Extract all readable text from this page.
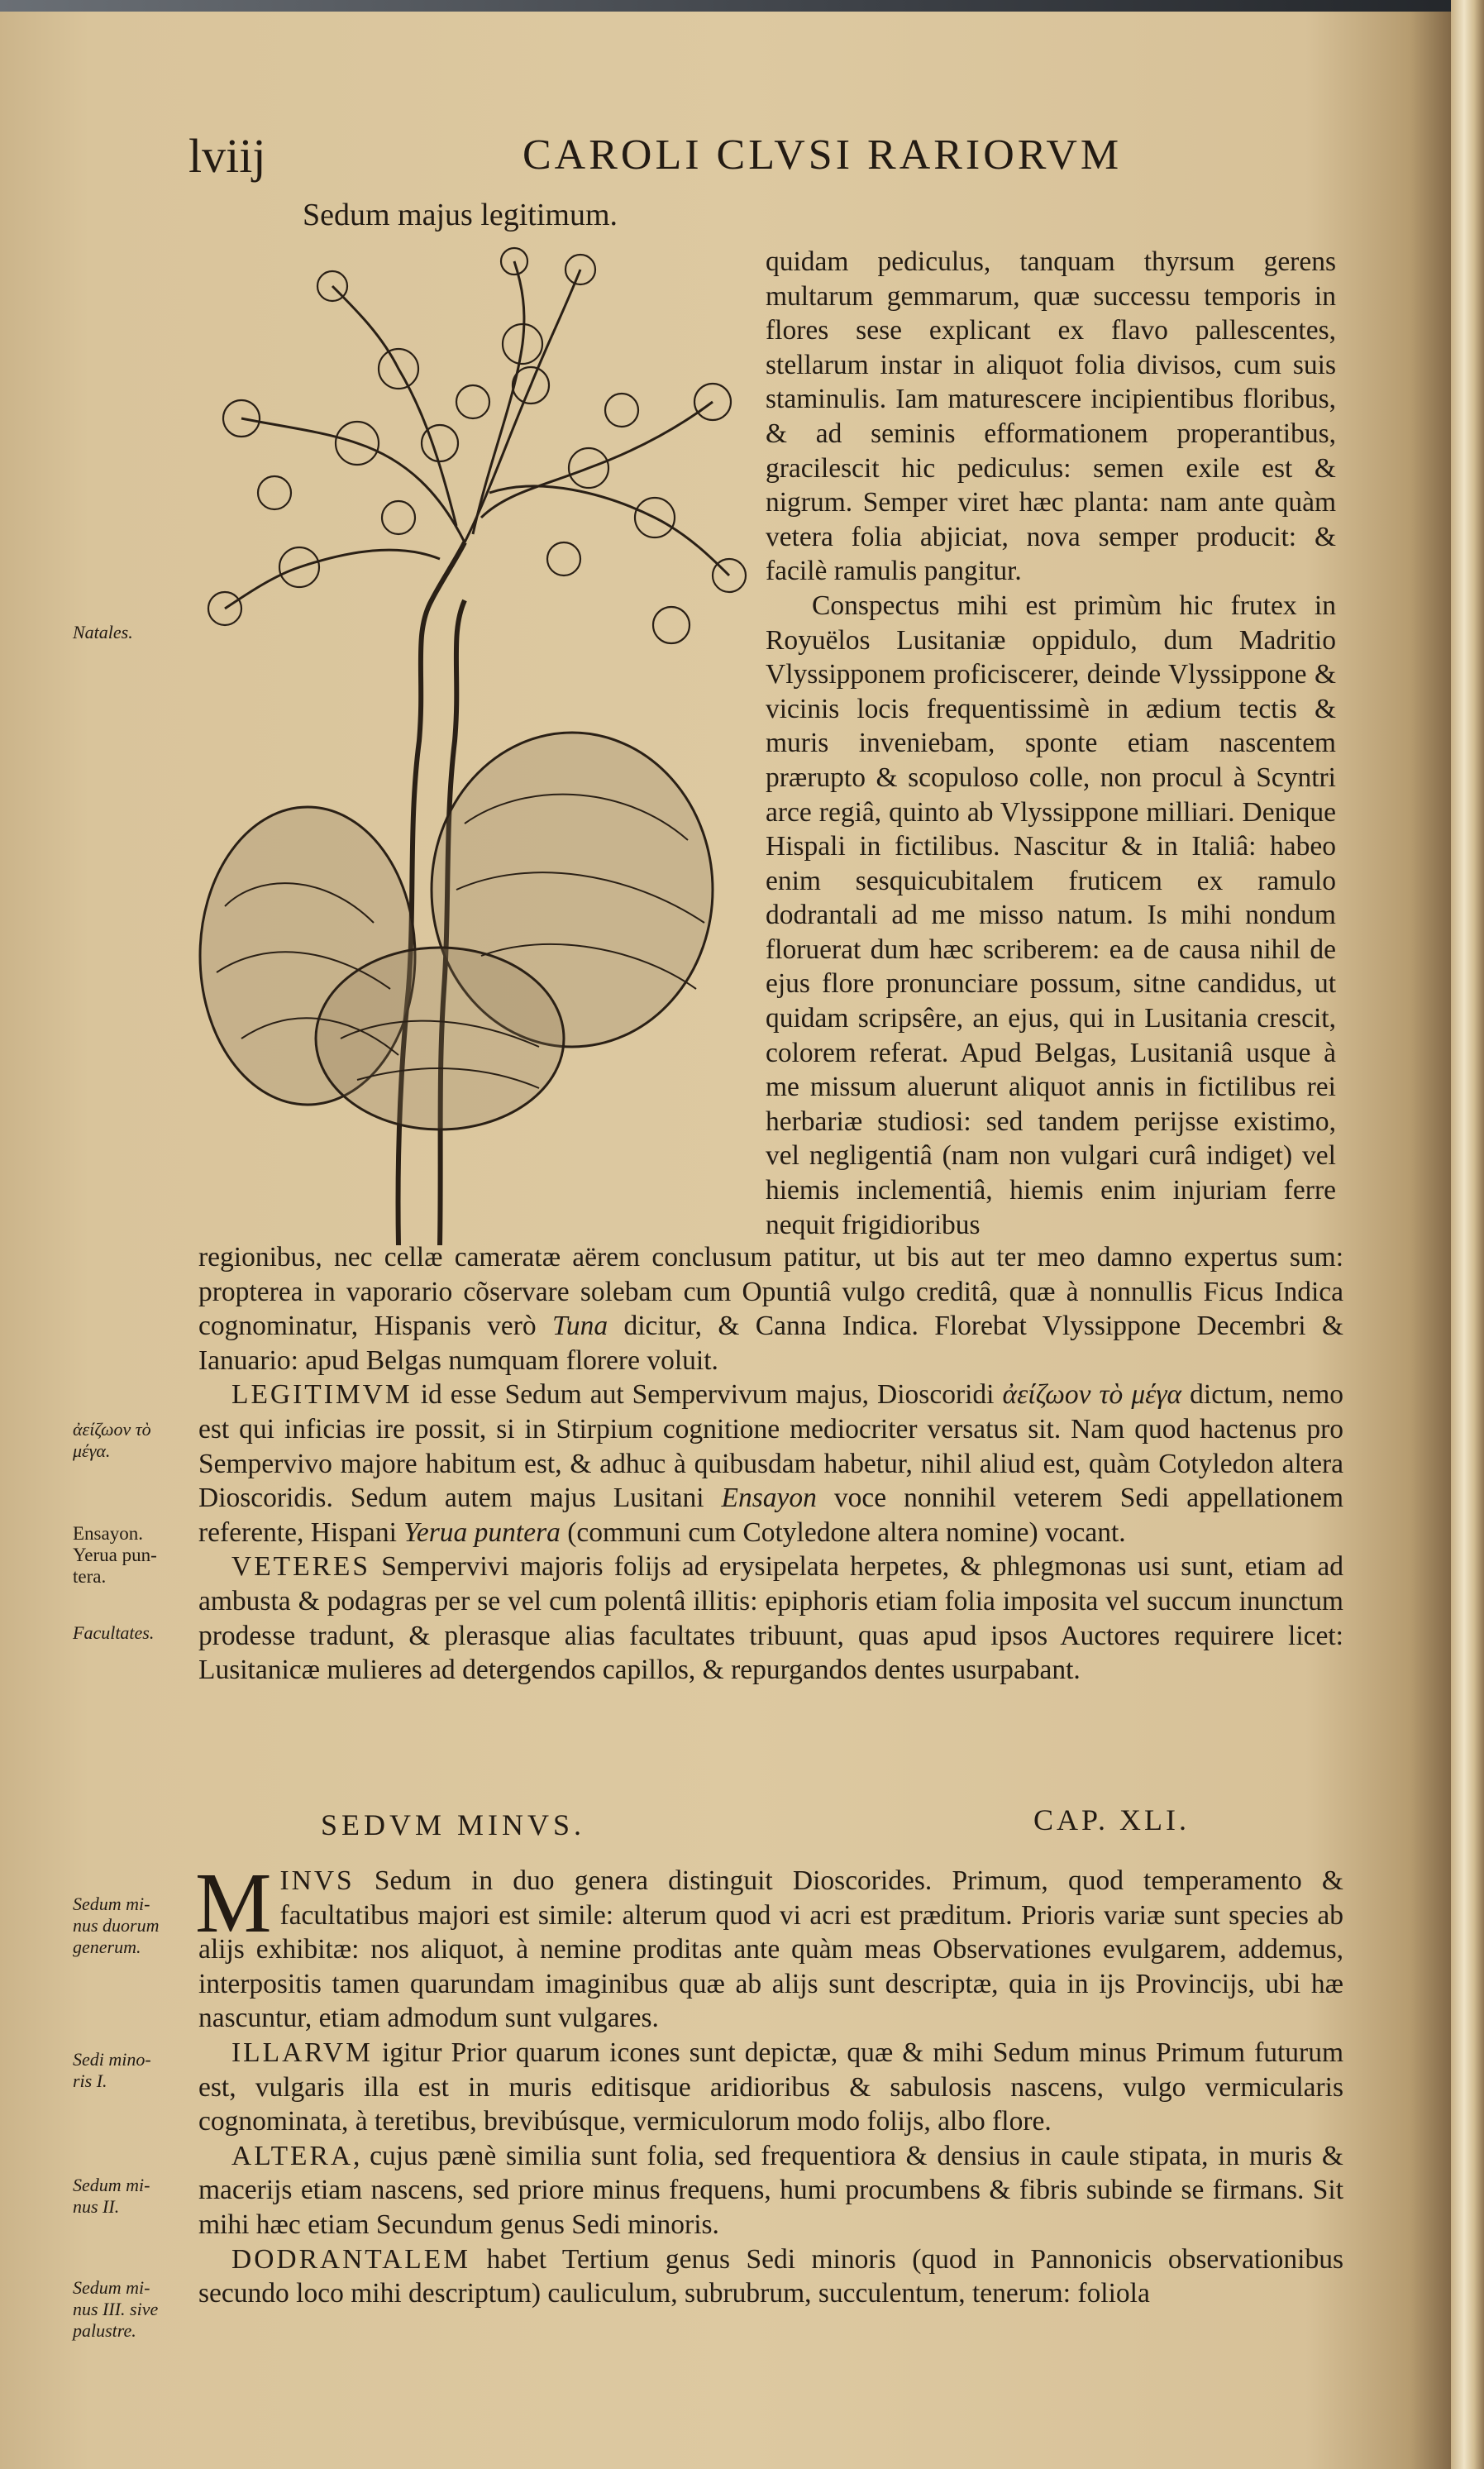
lviij	CAROLI CLVSI RARIORVM
Sedum majus legitimum.

quidam pediculus, tanquam thyrsum gerens multarum gemmarum, quæ successu temporis in flores sese explicant ex flavo pallescentes, stellarum instar in aliquot folia divisos, cum suis staminulis. Iam maturescere incipientibus floribus, & ad seminis efformationem properantibus, gracilescit hic pediculus: semen exile est & nigrum. Semper viret hæc planta: nam ante quàm vetera folia abjiciat, nova semper producit: & facilè ramulis pangitur.

Conspectus mihi est primùm hic frutex in Royuëlos Lusitaniæ oppidulo, dum Madritio Vlyssipponem proficiscerer, deinde Vlyssippone & vicinis locis frequentissimè in ædium tectis & muris inveniebam, sponte etiam nascentem prærupto & scopuloso colle, non procul à Scyntri arce regiâ, quinto ab Vlyssippone milliari. Denique Hispali in fictilibus. Nascitur & in Italiâ: habeo enim sesquicubitalem fruticem ex ramulo dodrantali ad me misso natum. Is mihi nondum floruerat dum hæc scriberem: ea de causa nihil de ejus flore pronunciare possum, sitne candidus, ut quidam scripsêre, an ejus, qui in Lusitania crescit, colorem referat. Apud Belgas, Lusitaniâ usque à me missum aluerunt aliquot annis in fictilibus rei herbariæ studiosi: sed tandem perijsse existimo, vel negligentiâ (nam non vulgari curâ indiget) vel hiemis inclementiâ, hiemis enim injuriam ferre nequit frigidioribus

Natales.

regionibus, nec cellæ cameratæ aërem conclusum patitur, ut bis aut ter meo damno expertus sum: propterea in vaporario cõservare solebam cum Opuntiâ vulgo creditâ, quæ à nonnullis Ficus Indica cognominatur, Hispanis verò Tuna dicitur, & Canna Indica. Florebat Vlyssippone Decembri & Ianuario: apud Belgas numquam florere voluit.

LEGITIMVM id esse Sedum aut Sempervivum majus, Dioscoridi ἀείζωον τὸ μέγα dictum, nemo est qui inficias ire possit, si in Stirpium cognitione mediocriter versatus sit. Nam quod hactenus pro Sempervivo majore habitum est, & adhuc à quibusdam habetur, nihil aliud est, quàm Cotyledon altera Dioscoridis. Sedum autem majus Lusitani Ensayon voce nonnihil veterem Sedi appellationem referente, Hispani Yerua puntera (communi cum Cotyledone altera nomine) vocant.

VETERES Sempervivi majoris folijs ad erysipelata herpetes, & phlegmonas usi sunt, etiam ad ambusta & podagras per se vel cum polentâ illitis: epiphoris etiam folia imposita vel succum inunctum prodesse tradunt, & plerasque alias facultates tribuunt, quas apud ipsos Auctores requirere licet: Lusitanicæ mulieres ad detergendos capillos, & repurgandos dentes usurpabant.

ἀείζωον τὸ
μέγα.
Ensayon.
Yerua pun-
tera.
Facultates.
SEDVM MINVS.	CAP. XLI.

M INVS Sedum in duo genera distinguit Dioscorides. Primum, quod temperamento & facultatibus majori est simile: alterum quod vi acri est præditum. Prioris variæ sunt species ab alijs exhibitæ: nos aliquot, à nemine proditas ante quàm meas Observationes evulgarem, addemus, interpositis tamen quarundam imaginibus quæ ab alijs sunt descriptæ, quia in ijs Provincijs, ubi hæ nascuntur, etiam admodum sunt vulgares.

ILLARVM igitur Prior quarum icones sunt depictæ, quæ & mihi Sedum minus Primum futurum est, vulgaris illa est in muris editisque aridioribus & sabulosis nascens, vulgo vermicularis cognominata, à teretibus, brevibúsque, vermiculorum modo folijs, albo flore.

ALTERA, cujus pænè similia sunt folia, sed frequentiora & densius in caule stipata, in muris & macerijs etiam nascens, sed priore minus frequens, humi procumbens & fibris subinde se firmans. Sit mihi hæc etiam Secundum genus Sedi minoris.

DODRANTALEM habet Tertium genus Sedi minoris (quod in Pannonicis observationibus secundo loco mihi descriptum) cauliculum, subrubrum, succulentum, tenerum: foliola

Sedum mi-
nus duorum
generum.
Sedi mino-
ris I.
Sedum mi-
nus II.
Sedum mi-
nus III. sive
palustre.
